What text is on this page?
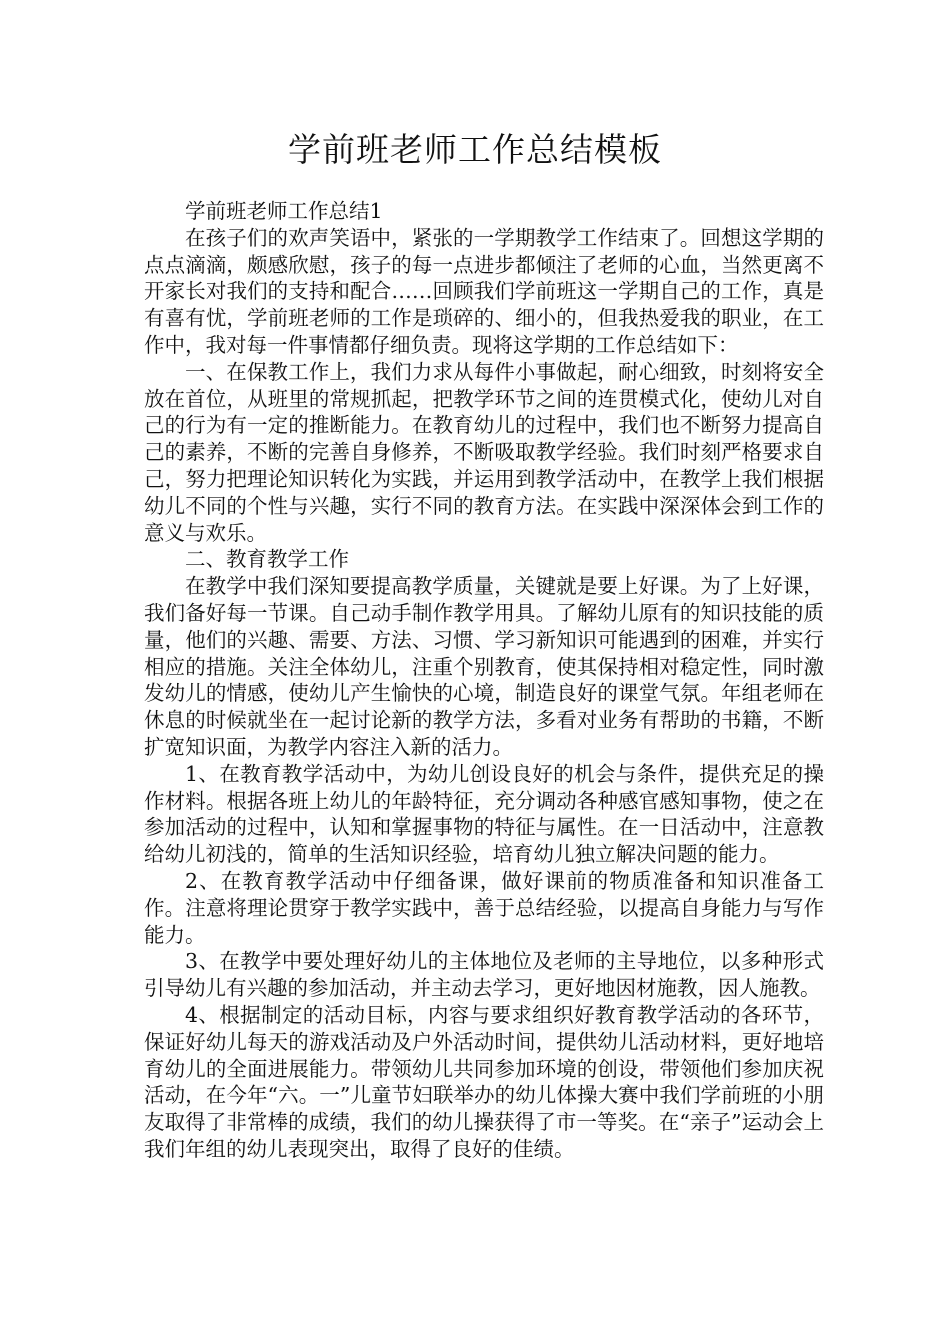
学前班老师工作总结模板

学前班老师工作总结1

在孩子们的欢声笑语中，紧张的一学期教学工作结束了。回想这学期的点点滴滴，颇感欣慰，孩子的每一点进步都倾注了老师的心血，当然更离不开家长对我们的支持和配合……回顾我们学前班这一学期自己的工作，真是有喜有忧，学前班老师的工作是琐碎的、细小的，但我热爱我的职业，在工作中，我对每一件事情都仔细负责。现将这学期的工作总结如下：

一、在保教工作上，我们力求从每件小事做起，耐心细致，时刻将安全放在首位，从班里的常规抓起，把教学环节之间的连贯模式化，使幼儿对自己的行为有一定的推断能力。在教育幼儿的过程中，我们也不断努力提高自己的素养，不断的完善自身修养，不断吸取教学经验。我们时刻严格要求自己，努力把理论知识转化为实践，并运用到教学活动中，在教学上我们根据幼儿不同的个性与兴趣，实行不同的教育方法。在实践中深深体会到工作的意义与欢乐。

二、教育教学工作

在教学中我们深知要提高教学质量，关键就是要上好课。为了上好课，我们备好每一节课。自己动手制作教学用具。了解幼儿原有的知识技能的质量，他们的兴趣、需要、方法、习惯、学习新知识可能遇到的困难，并实行相应的措施。关注全体幼儿，注重个别教育，使其保持相对稳定性，同时激发幼儿的情感，使幼儿产生愉快的心境，制造良好的课堂气氛。年组老师在休息的时候就坐在一起讨论新的教学方法，多看对业务有帮助的书籍，不断扩宽知识面，为教学内容注入新的活力。

1、在教育教学活动中，为幼儿创设良好的机会与条件，提供充足的操作材料。根据各班上幼儿的年龄特征，充分调动各种感官感知事物，使之在参加活动的过程中，认知和掌握事物的特征与属性。在一日活动中，注意教给幼儿初浅的，简单的生活知识经验，培育幼儿独立解决问题的能力。

2、在教育教学活动中仔细备课，做好课前的物质准备和知识准备工作。注意将理论贯穿于教学实践中，善于总结经验，以提高自身能力与写作能力。

3、在教学中要处理好幼儿的主体地位及老师的主导地位，以多种形式引导幼儿有兴趣的参加活动，并主动去学习，更好地因材施教，因人施教。

4、根据制定的活动目标，内容与要求组织好教育教学活动的各环节，保证好幼儿每天的游戏活动及户外活动时间，提供幼儿活动材料，更好地培育幼儿的全面进展能力。带领幼儿共同参加环境的创设，带领他们参加庆祝活动，在今年“六。一”儿童节妇联举办的幼儿体操大赛中我们学前班的小朋友取得了非常棒的成绩，我们的幼儿操获得了市一等奖。在“亲子”运动会上我们年组的幼儿表现突出，取得了良好的佳绩。
